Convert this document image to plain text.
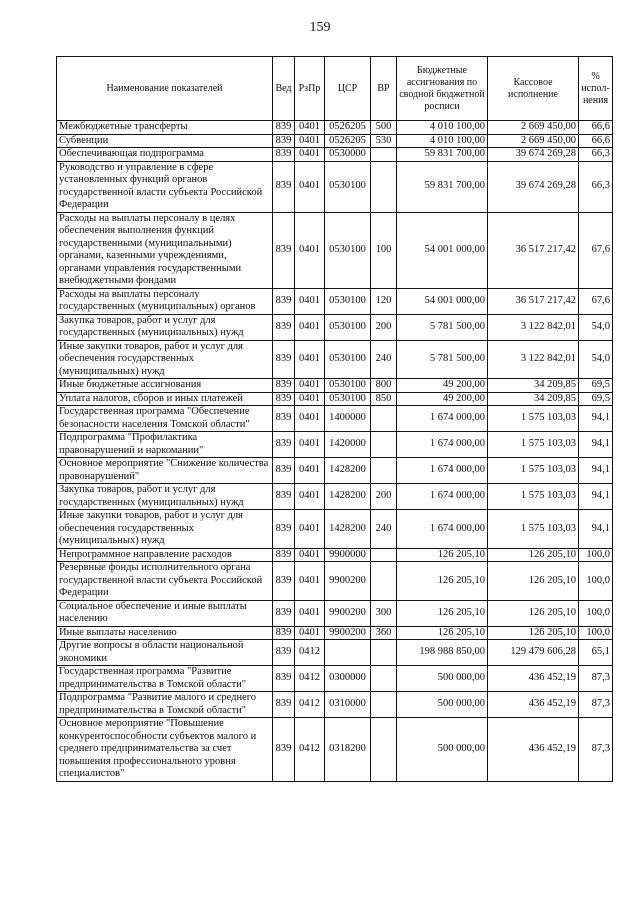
159
Наименование показателей	Вед	РзПр	ЦСР	ВР	Бюджетные ассигнования по сводной бюджетной росписи	Кассовое исполнение	% испол-нения
Межбюджетные трансферты	839	0401	0526205	500	4 010 100,00	2 669 450,00	66,6
Субвенции	839	0401	0526205	530	4 010 100,00	2 669 450,00	66,6
Обеспечивающая подпрограмма	839	0401	0530000		59 831 700,00	39 674 269,28	66,3
Руководство и управление в сфере установленных функций органов государственной власти субъекта Российской Федерации	839	0401	0530100		59 831 700,00	39 674 269,28	66,3
Расходы на выплаты персоналу в целях обеспечения выполнения функций государственными (муниципальными) органами, казенными учреждениями, органами управления государственными внебюджетными фондами	839	0401	0530100	100	54 001 000,00	36 517 217,42	67,6
Расходы на выплаты персоналу государственных (муниципальных) органов	839	0401	0530100	120	54 001 000,00	36 517 217,42	67,6
Закупка товаров, работ и услуг для государственных (муниципальных) нужд	839	0401	0530100	200	5 781 500,00	3 122 842,01	54,0
Иные закупки товаров, работ и услуг для обеспечения государственных (муниципальных) нужд	839	0401	0530100	240	5 781 500,00	3 122 842,01	54,0
Иные бюджетные ассигнования	839	0401	0530100	800	49 200,00	34 209,85	69,5
Уплата налогов, сборов и иных платежей	839	0401	0530100	850	49 200,00	34 209,85	69,5
Государственная программа "Обеспечение безопасности населения Томской области"	839	0401	1400000		1 674 000,00	1 575 103,03	94,1
Подпрограмма "Профилактика правонарушений и наркомании"	839	0401	1420000		1 674 000,00	1 575 103,03	94,1
Основное мероприятие "Снижение количества правонарушений"	839	0401	1428200		1 674 000,00	1 575 103,03	94,1
Закупка товаров, работ и услуг для государственных (муниципальных) нужд	839	0401	1428200	200	1 674 000,00	1 575 103,03	94,1
Иные закупки товаров, работ и услуг для обеспечения государственных (муниципальных) нужд	839	0401	1428200	240	1 674 000,00	1 575 103,03	94,1
Непрограммное направление расходов	839	0401	9900000		126 205,10	126 205,10	100,0
Резервные фонды исполнительного органа государственной власти субъекта Российской Федерации	839	0401	9900200		126 205,10	126 205,10	100,0
Социальное обеспечение и иные выплаты населению	839	0401	9900200	300	126 205,10	126 205,10	100,0
Иные выплаты населению	839	0401	9900200	360	126 205,10	126 205,10	100,0
Другие вопросы в области национальной экономики	839	0412			198 988 850,00	129 479 606,28	65,1
Государственная программа "Развитие предпринимательства в Томской области"	839	0412	0300000		500 000,00	436 452,19	87,3
Подпрограмма "Развитие малого и среднего предпринимательства в Томской области"	839	0412	0310000		500 000,00	436 452,19	87,3
Основное мероприятие "Повышение конкурентоспособности субъектов малого и среднего предпринимательства за счет повышения профессионального уровня специалистов"	839	0412	0318200		500 000,00	436 452,19	87,3
